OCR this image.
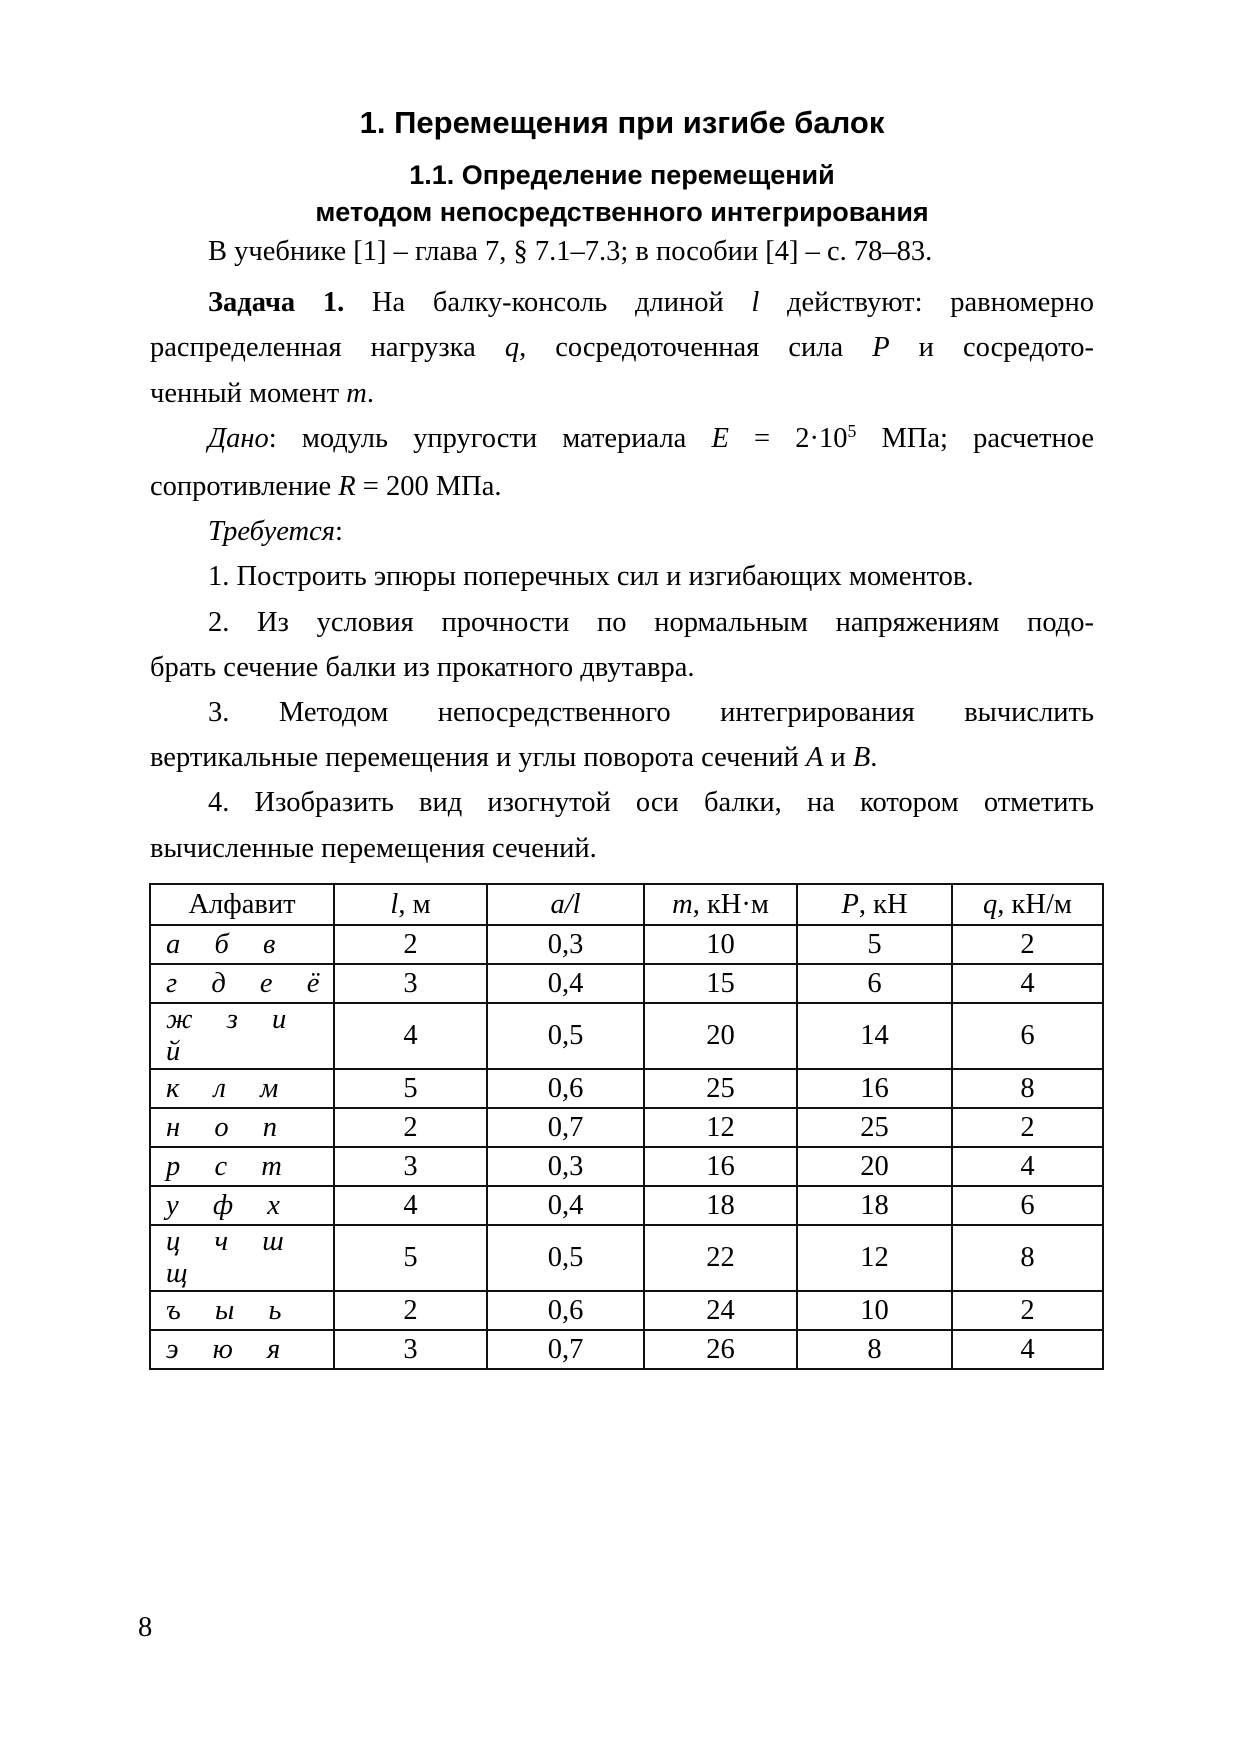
1. Перемещения при изгибе балок
1.1. Определение перемещений
методом непосредственного интегрирования
В учебнике [1] – глава 7, § 7.1–7.3; в пособии [4] – с. 78–83.
Задача 1. На балку-консоль длиной l действуют: равномерно
распределенная нагрузка q, сосредоточенная сила P и сосредото-
ченный момент m.
Дано: модуль упругости материала $E = 2\cdot 10^5$ МПа; расчетное
сопротивление R = 200 МПа.
Требуется:
1. Построить эпюры поперечных сил и изгибающих моментов.
2. Из условия прочности по нормальным напряжениям подо-
брать сечение балки из прокатного двутавра.
3. Методом непосредственного интегрирования вычислить
вертикальные перемещения и углы поворота сечений A и B.
4. Изобразить вид изогнутой оси балки, на котором отметить
вычисленные перемещения сечений.
Алфавит	l, м	a/l	m, кН·м	P, кН	q, кН/м
а б в	2	0,3	10	5	2
г д е ё	3	0,4	15	6	4
ж з и й	4	0,5	20	14	6
к л м	5	0,6	25	16	8
н о п	2	0,7	12	25	2
р с т	3	0,3	16	20	4
у ф х	4	0,4	18	18	6
ц ч ш щ	5	0,5	22	12	8
ъ ы ь	2	0,6	24	10	2
э ю я	3	0,7	26	8	4
8
